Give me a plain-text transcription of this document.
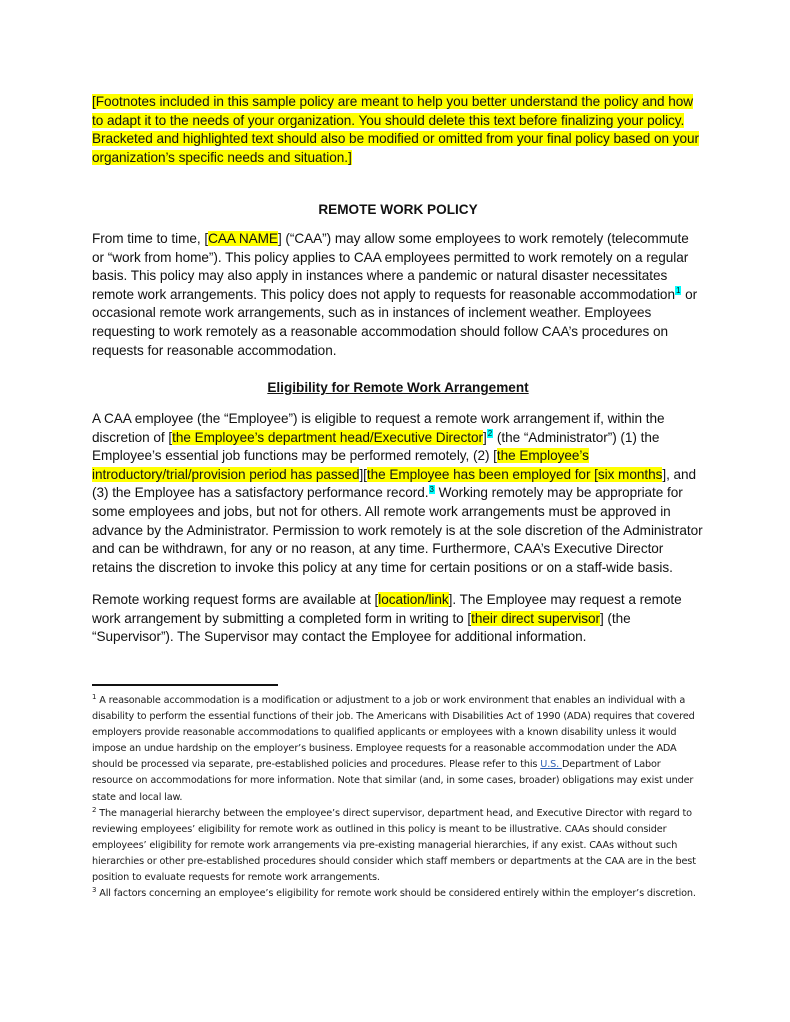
[Footnotes included in this sample policy are meant to help you better understand the policy and how to adapt it to the needs of your organization. You should delete this text before finalizing your policy. Bracketed and highlighted text should also be modified or omitted from your final policy based on your organization’s specific needs and situation.]

REMOTE WORK POLICY

From time to time, [CAA NAME] (“CAA”) may allow some employees to work remotely (telecommute or “work from home”). This policy applies to CAA employees permitted to work remotely on a regular basis. This policy may also apply in instances where a pandemic or natural disaster necessitates remote work arrangements. This policy does not apply to requests for reasonable accommodation$^1$ or occasional remote work arrangements, such as in instances of inclement weather. Employees requesting to work remotely as a reasonable accommodation should follow CAA’s procedures on requests for reasonable accommodation.

Eligibility for Remote Work Arrangement

A CAA employee (the “Employee”) is eligible to request a remote work arrangement if, within the discretion of [the Employee’s department head/Executive Director]$^2$ (the “Administrator”) (1) the Employee’s essential job functions may be performed remotely, (2) [the Employee’s introductory/trial/provision period has passed][the Employee has been employed for [six months], and (3) the Employee has a satisfactory performance record.$^3$ Working remotely may be appropriate for some employees and jobs, but not for others. All remote work arrangements must be approved in advance by the Administrator. Permission to work remotely is at the sole discretion of the Administrator and can be withdrawn, for any or no reason, at any time. Furthermore, CAA’s Executive Director retains the discretion to invoke this policy at any time for certain positions or on a staff-wide basis.

Remote working request forms are available at [location/link]. The Employee may request a remote work arrangement by submitting a completed form in writing to [their direct supervisor] (the “Supervisor”). The Supervisor may contact the Employee for additional information.

$^1$ A reasonable accommodation is a modification or adjustment to a job or work environment that enables an individual with a disability to perform the essential functions of their job. The Americans with Disabilities Act of 1990 (ADA) requires that covered employers provide reasonable accommodations to qualified applicants or employees with a known disability unless it would impose an undue hardship on the employer’s business. Employee requests for a reasonable accommodation under the ADA should be processed via separate, pre-established policies and procedures. Please refer to this U.S. Department of Labor resource on accommodations for more information. Note that similar (and, in some cases, broader) obligations may exist under state and local law.

$^2$ The managerial hierarchy between the employee’s direct supervisor, department head, and Executive Director with regard to reviewing employees’ eligibility for remote work as outlined in this policy is meant to be illustrative. CAAs should consider employees’ eligibility for remote work arrangements via pre-existing managerial hierarchies, if any exist. CAAs without such hierarchies or other pre-established procedures should consider which staff members or departments at the CAA are in the best position to evaluate requests for remote work arrangements.

$^3$ All factors concerning an employee’s eligibility for remote work should be considered entirely within the employer’s discretion.
